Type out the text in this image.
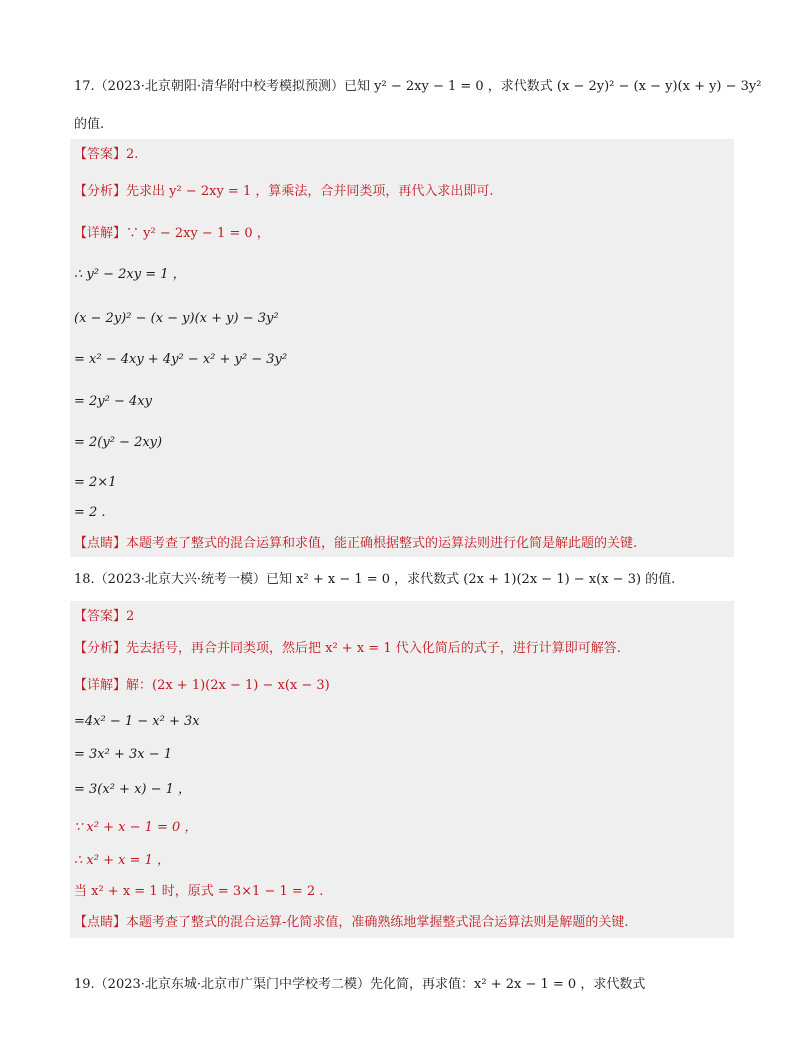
17.（2023·北京朝阳·清华附中校考模拟预测）已知 y² − 2xy − 1 = 0 ，求代数式 (x − 2y)² − (x − y)(x + y) − 3y²
的值.
【答案】2.
【分析】先求出 y² − 2xy = 1 ，算乘法，合并同类项，再代入求出即可.
【详解】∵ y² − 2xy − 1 = 0 ，
∴ y² − 2xy = 1 ，
(x − 2y)² − (x − y)(x + y) − 3y²
= x² − 4xy + 4y² − x² + y² − 3y²
= 2y² − 4xy
= 2(y² − 2xy)
= 2×1
= 2 .
【点睛】本题考查了整式的混合运算和求值，能正确根据整式的运算法则进行化简是解此题的关键.
18.（2023·北京大兴·统考一模）已知 x² + x − 1 = 0 ，求代数式 (2x + 1)(2x − 1) − x(x − 3) 的值.
【答案】2
【分析】先去括号，再合并同类项，然后把 x² + x = 1 代入化简后的式子，进行计算即可解答.
【详解】解：(2x + 1)(2x − 1) − x(x − 3)
=4x² − 1 − x² + 3x
= 3x² + 3x − 1
= 3(x² + x) − 1 ，
∵ x² + x − 1 = 0 ，
∴ x² + x = 1 ，
当 x² + x = 1 时，原式 = 3×1 − 1 = 2 .
【点睛】本题考查了整式的混合运算-化简求值，准确熟练地掌握整式混合运算法则是解题的关键.
19.（2023·北京东城·北京市广渠门中学校考二模）先化简，再求值：x² + 2x − 1 = 0 ，求代数式
